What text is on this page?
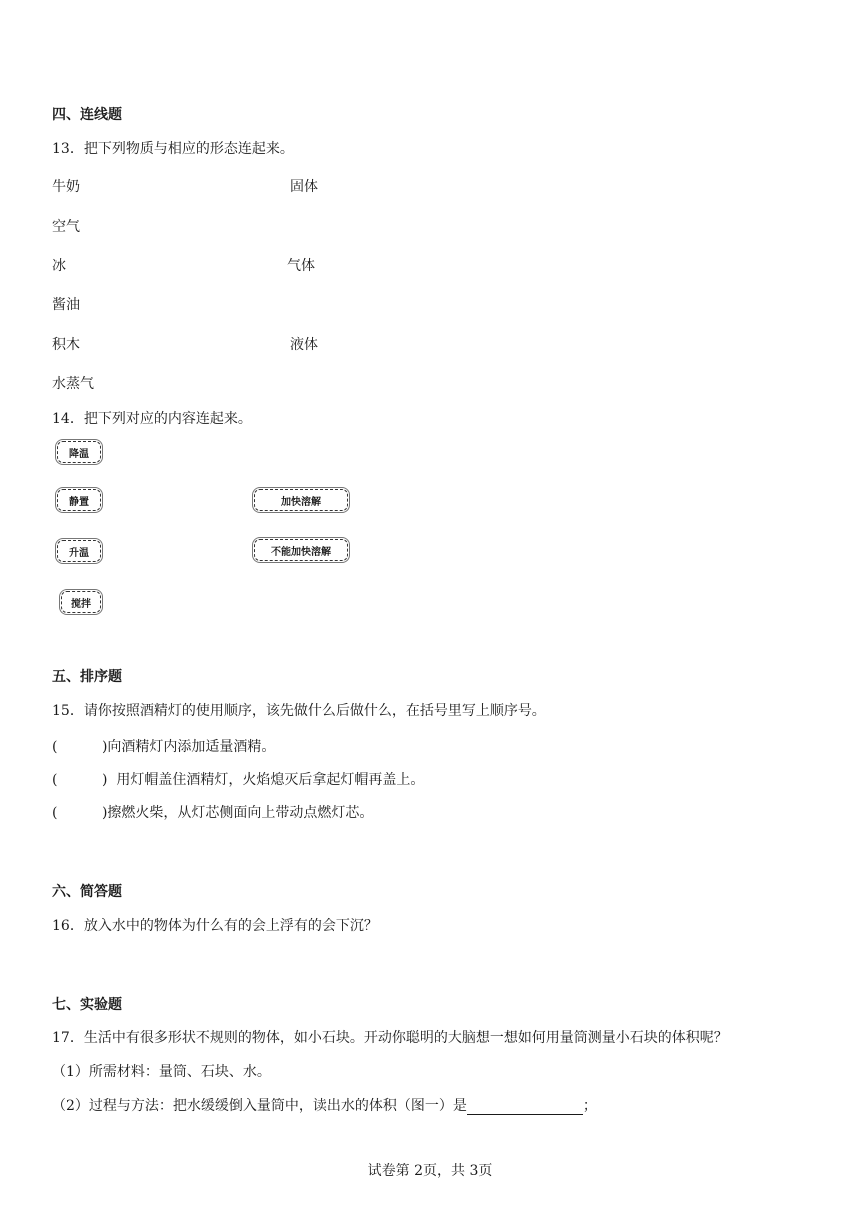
四、连线题
13．把下列物质与相应的形态连起来。
牛奶	固体
空气
冰	气体
酱油
积木	液体
水蒸气
14．把下列对应的内容连起来。
降温
静置
升温
搅拌
加快溶解
不能加快溶解
五、排序题
15．请你按照酒精灯的使用顺序，该先做什么后做什么，在括号里写上顺序号。
(          )向酒精灯内添加适量酒精。
(          )  用灯帽盖住酒精灯，火焰熄灭后拿起灯帽再盖上。
(          )擦燃火柴，从灯芯侧面向上带动点燃灯芯。
六、简答题
16．放入水中的物体为什么有的会上浮有的会下沉？
七、实验题
17．生活中有很多形状不规则的物体，如小石块。开动你聪明的大脑想一想如何用量筒测量小石块的体积呢？
（1）所需材料：量筒、石块、水。
（2）过程与方法：把水缓缓倒入量筒中，读出水的体积（图一）是	；
试卷第 2页，共 3页
